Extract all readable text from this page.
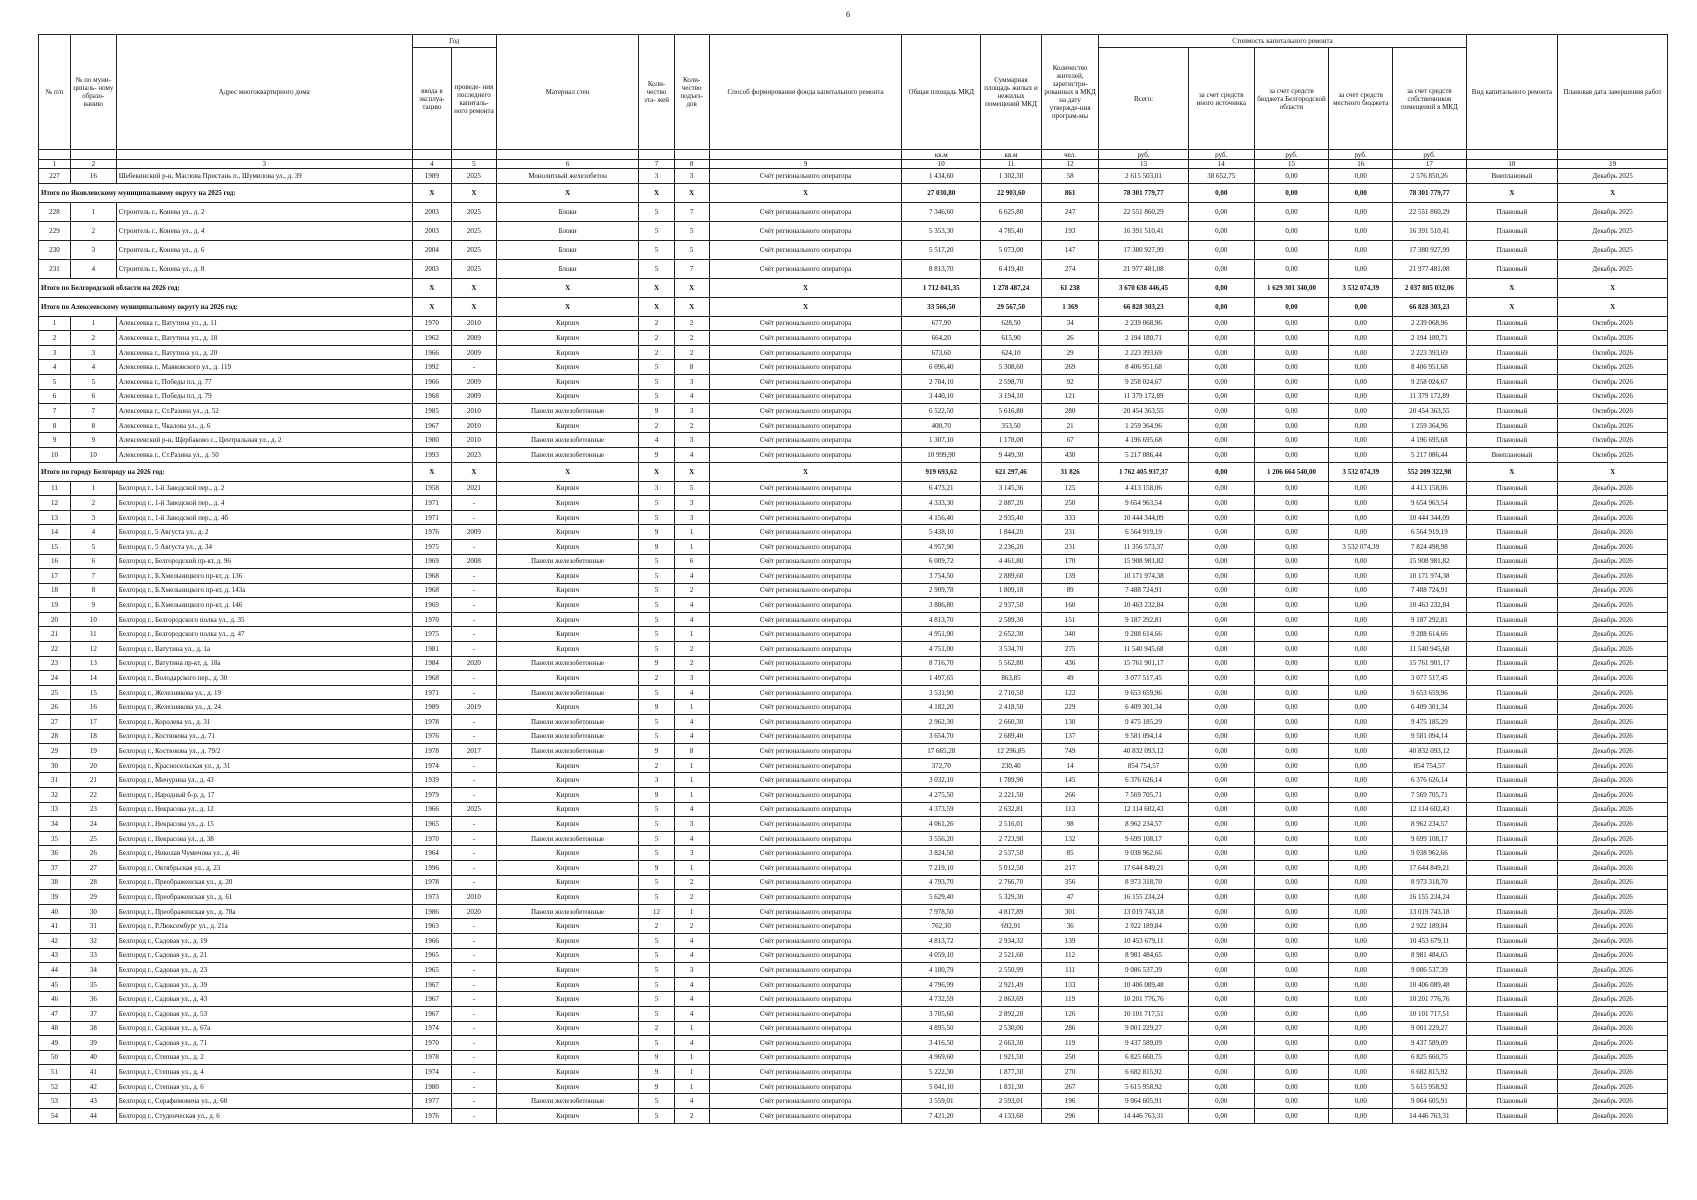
6
№ п/п	№ по муни- ципаль- ному образо- ванию	Адрес многоквартирного дома	Год		Материал стен	Коли- чество эта- жей	Коли- чество подъез- дов	Способ формирования фонда капитального ремонта	Общая площадь МКД	Суммарная площадь жилых и нежилых помещений МКД	Количество жителей, зарегистри- рованных в МКД на дату утвержде-ния програм-мы	Стоимость капитального ремонта					Вид капитального ремонта	Плановая дата завершения работ
			ввода в эксплуа- тацию	проведе- ния последнего капиталь- ного ремонта								Всего:	за счет средств иного источника	за счет средств бюджета Белгородской области	за счет средств местного бюджета	за счет средств собственников помещений в МКД		
									кв.м	кв.м	чел.	руб.	руб.	руб.	руб.	руб.		
1	2	3	4	5	6	7	8	9	10	11	12	13	14	15	16	17	18	19
227	16	Шебекинский р-н, Маслова Пристань п., Шумилова ул., д. 39	1989	2025	Монолитный железобетон	3	3	Счёт регионального оператора	1 434,60	1 302,30	58	2 615 503,01	38 652,75	0,00	0,00	2 576 850,26	Внеплановый	Декабрь 2025
Итого по Яковлевскому муниципальному округу на 2025 год:			X	X	X	X	X	X	27 030,80	22 903,60	861	78 301 779,77	0,00	0,00	0,00	78 301 779,77	X	X
228	1	Строитель г., Конева ул., д. 2	2003	2025	Блоки	5	7	Счёт регионального оператора	7 346,60	6 625,80	247	22 551 860,29	0,00	0,00	0,00	22 551 860,29	Плановый	Декабрь 2025
229	2	Строитель г., Конева ул., д. 4	2003	2025	Блоки	5	5	Счёт регионального оператора	5 353,30	4 785,40	193	16 391 510,41	0,00	0,00	0,00	16 391 510,41	Плановый	Декабрь 2025
230	3	Строитель г., Конева ул., д. 6	2004	2025	Блоки	5	5	Счёт регионального оператора	5 517,20	5 073,00	147	17 380 927,99	0,00	0,00	0,00	17 380 927,99	Плановый	Декабрь 2025
231	4	Строитель г., Конева ул., д. 8	2003	2025	Блоки	5	7	Счёт регионального оператора	8 813,70	6 419,40	274	21 977 481,08	0,00	0,00	0,00	21 977 481,08	Плановый	Декабрь 2025
Итого по Белгородской области на 2026 год:			X	X	X	X	X	X	1 712 041,35	1 278 487,24	61 238	3 670 638 446,45	0,00	1 629 301 340,00	3 532 074,39	2 037 805 032,06	X	X
Итого по Алексеевскому муниципальному округу на 2026 год:			X	X	X	X	X	X	33 566,50	29 567,50	1 369	66 828 303,23	0,00	0,00	0,00	66 828 303,23	X	X
1	1	Алексеевка г., Ватутина ул., д. 11	1970	2010	Кирпич	2	2	Счёт регионального оператора	677,90	628,50	34	2 239 068,96	0,00	0,00	0,00	2 239 068,96	Плановый	Октябрь 2026
2	2	Алексеевка г., Ватутина ул., д. 18	1962	2009	Кирпич	2	2	Счёт регионального оператора	664,20	615,90	26	2 194 180,71	0,00	0,00	0,00	2 194 180,71	Плановый	Октябрь 2026
3	3	Алексеевка г., Ватутина ул., д. 20	1966	2009	Кирпич	2	2	Счёт регионального оператора	673,60	624,10	29	2 223 393,69	0,00	0,00	0,00	2 223 393,69	Плановый	Октябрь 2026
4	4	Алексеевка г., Маяковского ул., д. 119	1992	-	Кирпич	5	8	Счёт регионального оператора	6 096,40	5 308,60	269	8 406 951,68	0,00	0,00	0,00	8 406 951,68	Плановый	Октябрь 2026
5	5	Алексеевка г., Победы пл, д. 77	1966	2009	Кирпич	5	3	Счёт регионального оператора	2 784,10	2 598,70	92	9 258 024,67	0,00	0,00	0,00	9 258 024,67	Плановый	Октябрь 2026
6	6	Алексеевка г., Победы пл, д. 79	1968	2009	Кирпич	5	4	Счёт регионального оператора	3 440,10	3 194,10	121	11 379 172,89	0,00	0,00	0,00	11 379 172,89	Плановый	Октябрь 2026
7	7	Алексеевка г., Ст.Разина ул., д. 52	1985	2010	Панели железобетонные	9	3	Счёт регионального оператора	6 522,50	5 616,80	280	20 454 363,55	0,00	0,00	0,00	20 454 363,55	Плановый	Октябрь 2026
8	8	Алексеевка г., Чкалова ул., д. 6	1967	2010	Кирпич	2	2	Счёт регионального оператора	400,70	353,50	21	1 259 364,96	0,00	0,00	0,00	1 259 364,96	Плановый	Октябрь 2026
9	9	Алексеевский р-н, Щербаково с., Центральная ул., д. 2	1980	2010	Панели железобетонные	4	3	Счёт регионального оператора	1 307,10	1 178,00	67	4 196 695,68	0,00	0,00	0,00	4 196 695,68	Плановый	Октябрь 2026
10	10	Алексеевка г., Ст.Разина ул., д. 50	1993	2023	Панели железобетонные	9	4	Счёт регионального оператора	10 999,90	9 449,30	430	5 217 086,44	0,00	0,00	0,00	5 217 086,44	Внеплановый	Октябрь 2026
Итого по городу Белгороду на 2026 год:			X	X	X	X	X	X	919 693,62	621 297,46	31 826	1 762 405 937,37	0,00	1 206 664 540,00	3 532 074,39	552 209 322,98	X	X
11	1	Белгород г., 1-й Заводской пер., д. 2	1958	2021	Кирпич	3	5	Счёт регионального оператора	6 473,21	3 145,36	125	4 413 158,06	0,00	0,00	0,00	4 413 158,06	Плановый	Декабрь 2026
12	2	Белгород г., 1-й Заводской пер., д. 4	1971	-	Кирпич	5	3	Счёт регионального оператора	4 333,30	2 887,20	250	9 654 963,54	0,00	0,00	0,00	9 654 963,54	Плановый	Декабрь 2026
13	3	Белгород г., 1-й Заводской пер., д. 4б	1971	-	Кирпич	5	3	Счёт регионального оператора	4 156,40	2 935,40	333	10 444 344,09	0,00	0,00	0,00	10 444 344,09	Плановый	Декабрь 2026
14	4	Белгород г., 5 Августа ул., д. 2	1976	2009	Кирпич	9	1	Счёт регионального оператора	5 438,10	1 844,20	231	6 564 919,19	0,00	0,00	0,00	6 564 919,19	Плановый	Декабрь 2026
15	5	Белгород г., 5 Августа ул., д. 34	1975	-	Кирпич	9	1	Счёт регионального оператора	4 957,90	2 236,20	231	11 356 573,37	0,00	0,00	3 532 074,39	7 824 498,98	Плановый	Декабрь 2026
16	6	Белгород г., Белгородский пр-кт, д. 96	1969	2008	Панели железобетонные	5	6	Счёт регионального оператора	6 009,72	4 461,80	170	15 908 981,82	0,00	0,00	0,00	15 908 981,82	Плановый	Декабрь 2026
17	7	Белгород г., Б.Хмельницкого пр-кт, д. 136	1968	-	Кирпич	5	4	Счёт регионального оператора	3 754,50	2 889,60	139	10 171 974,38	0,00	0,00	0,00	10 171 974,38	Плановый	Декабрь 2026
18	8	Белгород г., Б.Хмельницкого пр-кт, д. 143а	1968	-	Кирпич	5	2	Счёт регионального оператора	2 909,78	1 809,18	89	7 488 724,91	0,00	0,00	0,00	7 488 724,91	Плановый	Декабрь 2026
19	9	Белгород г., Б.Хмельницкого пр-кт, д. 146	1969	-	Кирпич	5	4	Счёт регионального оператора	3 806,80	2 937,50	160	10 463 232,84	0,00	0,00	0,00	10 463 232,84	Плановый	Декабрь 2026
20	10	Белгород г., Белгородского полка ул., д. 35	1970	-	Кирпич	5	4	Счёт регионального оператора	4 813,70	2 589,30	151	9 187 292,81	0,00	0,00	0,00	9 187 292,81	Плановый	Декабрь 2026
21	11	Белгород г., Белгородского полка ул., д. 47	1975	-	Кирпич	5	1	Счёт регионального оператора	4 951,90	2 652,30	340	9 288 614,66	0,00	0,00	0,00	9 288 614,66	Плановый	Декабрь 2026
22	12	Белгород г., Ватутина ул., д. 1а	1981	-	Кирпич	5	2	Счёт регионального оператора	4 751,00	3 534,70	275	11 540 945,68	0,00	0,00	0,00	11 540 945,68	Плановый	Декабрь 2026
23	13	Белгород г., Ватутина пр-кт, д. 18а	1984	2020	Панели железобетонные	9	2	Счёт регионального оператора	8 716,70	5 562,80	436	15 761 901,17	0,00	0,00	0,00	15 761 901,17	Плановый	Декабрь 2026
24	14	Белгород г., Володарского пер., д. 30	1968	-	Кирпич	2	3	Счёт регионального оператора	1 497,65	863,85	49	3 077 517,45	0,00	0,00	0,00	3 077 517,45	Плановый	Декабрь 2026
25	15	Белгород г., Железнякова ул., д. 19	1971	-	Панели железобетонные	5	4	Счёт регионального оператора	3 531,90	2 710,50	122	9 653 659,96	0,00	0,00	0,00	9 653 659,96	Плановый	Декабрь 2026
26	16	Белгород г., Железнякова ул., д. 24	1989	2019	Кирпич	9	1	Счёт регионального оператора	4 182,20	2 418,50	229	6 409 301,34	0,00	0,00	0,00	6 409 301,34	Плановый	Декабрь 2026
27	17	Белгород г., Королева ул., д. 31	1978	-	Панели железобетонные	5	4	Счёт регионального оператора	2 962,30	2 660,30	130	9 475 185,29	0,00	0,00	0,00	9 475 185,29	Плановый	Декабрь 2026
28	18	Белгород г., Костюкова ул., д. 71	1976	-	Панели железобетонные	5	4	Счёт регионального оператора	3 654,70	2 689,40	137	9 581 094,14	0,00	0,00	0,00	9 581 094,14	Плановый	Декабрь 2026
29	19	Белгород г., Костюкова ул., д. 79/2	1978	2017	Панели железобетонные	9	8	Счёт регионального оператора	17 665,28	12 296,85	749	40 832 093,12	0,00	0,00	0,00	40 832 093,12	Плановый	Декабрь 2026
30	20	Белгород г., Красносельская ул., д. 31	1974	-	Кирпич	2	1	Счёт регионального оператора	372,70	230,40	14	854 754,57	0,00	0,00	0,00	854 754,57	Плановый	Декабрь 2026
31	21	Белгород г., Мичурина ул., д. 43	1939	-	Кирпич	3	1	Счёт регионального оператора	3 032,10	1 789,90	145	6 376 626,14	0,00	0,00	0,00	6 376 626,14	Плановый	Декабрь 2026
32	22	Белгород г., Народный б-р, д. 17	1979	-	Кирпич	9	1	Счёт регионального оператора	4 275,50	2 221,50	266	7 569 705,71	0,00	0,00	0,00	7 569 705,71	Плановый	Декабрь 2026
33	23	Белгород г., Некрасова ул., д. 12	1966	2025	Кирпич	5	4	Счёт регионального оператора	4 373,59	2 632,81	113	12 114 602,43	0,00	0,00	0,00	12 114 602,43	Плановый	Декабрь 2026
34	24	Белгород г., Некрасова ул., д. 15	1965	-	Кирпич	5	3	Счёт регионального оператора	4 061,26	2 516,01	98	8 962 234,57	0,00	0,00	0,00	8 962 234,57	Плановый	Декабрь 2026
35	25	Белгород г., Некрасова ул., д. 38	1970	-	Панели железобетонные	5	4	Счёт регионального оператора	3 556,20	2 723,90	132	9 699 108,17	0,00	0,00	0,00	9 699 108,17	Плановый	Декабрь 2026
36	26	Белгород г., Николая Чумичова ул., д. 46	1964	-	Кирпич	5	3	Счёт регионального оператора	3 824,50	2 537,50	85	9 038 962,66	0,00	0,00	0,00	9 038 962,66	Плановый	Декабрь 2026
37	27	Белгород г., Октябрьская ул., д. 23	1996	-	Кирпич	9	1	Счёт регионального оператора	7 219,10	5 012,50	217	17 644 849,21	0,00	0,00	0,00	17 644 849,21	Плановый	Декабрь 2026
38	28	Белгород г., Преображенская ул., д. 20	1978	-	Кирпич	5	2	Счёт регионального оператора	4 793,70	2 766,70	356	8 973 318,70	0,00	0,00	0,00	8 973 318,70	Плановый	Декабрь 2026
39	29	Белгород г., Преображенская ул., д. 61	1973	2010	Кирпич	5	2	Счёт регионального оператора	5 629,40	5 329,30	47	16 155 234,24	0,00	0,00	0,00	16 155 234,24	Плановый	Декабрь 2026
40	30	Белгород г., Преображенская ул., д. 78а	1986	2020	Панели железобетонные	12	1	Счёт регионального оператора	7 978,50	4 817,89	301	13 019 743,18	0,00	0,00	0,00	13 019 743,18	Плановый	Декабрь 2026
41	31	Белгород г., Р.Люксембург ул., д. 21а	1963	-	Кирпич	2	2	Счёт регионального оператора	762,30	692,91	36	2 922 189,84	0,00	0,00	0,00	2 922 189,84	Плановый	Декабрь 2026
42	32	Белгород г., Садовая ул., д. 19	1966	-	Кирпич	5	4	Счёт регионального оператора	4 813,72	2 934,32	139	10 453 679,11	0,00	0,00	0,00	10 453 679,11	Плановый	Декабрь 2026
43	33	Белгород г., Садовая ул., д. 21	1965	-	Кирпич	5	4	Счёт регионального оператора	4 059,10	2 521,60	112	8 981 484,65	0,00	0,00	0,00	8 981 484,65	Плановый	Декабрь 2026
44	34	Белгород г., Садовая ул., д. 23	1965	-	Кирпич	5	3	Счёт регионального оператора	4 100,79	2 550,99	111	9 086 537,39	0,00	0,00	0,00	9 086 537,39	Плановый	Декабрь 2026
45	35	Белгород г., Садовая ул., д. 39	1967	-	Кирпич	5	4	Счёт регионального оператора	4 796,99	2 921,49	133	10 406 089,48	0,00	0,00	0,00	10 406 089,48	Плановый	Декабрь 2026
46	36	Белгород г., Садовая ул., д. 43	1967	-	Кирпич	5	4	Счёт регионального оператора	4 732,59	2 863,69	119	10 201 776,76	0,00	0,00	0,00	10 201 776,76	Плановый	Декабрь 2026
47	37	Белгород г., Садовая ул., д. 53	1967	-	Кирпич	5	4	Счёт регионального оператора	3 705,60	2 892,20	126	10 101 717,51	0,00	0,00	0,00	10 101 717,51	Плановый	Декабрь 2026
48	38	Белгород г., Садовая ул., д. 67а	1974	-	Кирпич	2	1	Счёт регионального оператора	4 895,50	2 530,00	286	9 001 229,27	0,00	0,00	0,00	9 001 229,27	Плановый	Декабрь 2026
49	39	Белгород г., Садовая ул., д. 71	1970	-	Кирпич	5	4	Счёт регионального оператора	3 416,50	2 663,30	119	9 437 589,09	0,00	0,00	0,00	9 437 589,09	Плановый	Декабрь 2026
50	40	Белгород г., Степная ул., д. 2	1978	-	Кирпич	9	1	Счёт регионального оператора	4 969,60	1 921,50	250	6 825 660,75	0,00	0,00	0,00	6 825 660,75	Плановый	Декабрь 2026
51	41	Белгород г., Степная ул., д. 4	1974	-	Кирпич	9	1	Счёт регионального оператора	5 222,30	1 877,30	270	6 682 815,92	0,00	0,00	0,00	6 682 815,92	Плановый	Декабрь 2026
52	42	Белгород г., Степная ул., д. 6	1980	-	Кирпич	9	1	Счёт регионального оператора	5 041,10	1 831,30	267	5 615 958,92	0,00	0,00	0,00	5 615 958,92	Плановый	Декабрь 2026
53	43	Белгород г., Серафимовича ул., д. 68	1977	-	Панели железобетонные	5	4	Счёт регионального оператора	3 559,01	2 593,01	196	9 064 605,91	0,00	0,00	0,00	9 064 605,91	Плановый	Декабрь 2026
54	44	Белгород г., Студенческая ул., д. 6	1976	-	Кирпич	5	2	Счёт регионального оператора	7 421,20	4 133,60	296	14 446 763,31	0,00	0,00	0,00	14 446 763,31	Плановый	Декабрь 2026
